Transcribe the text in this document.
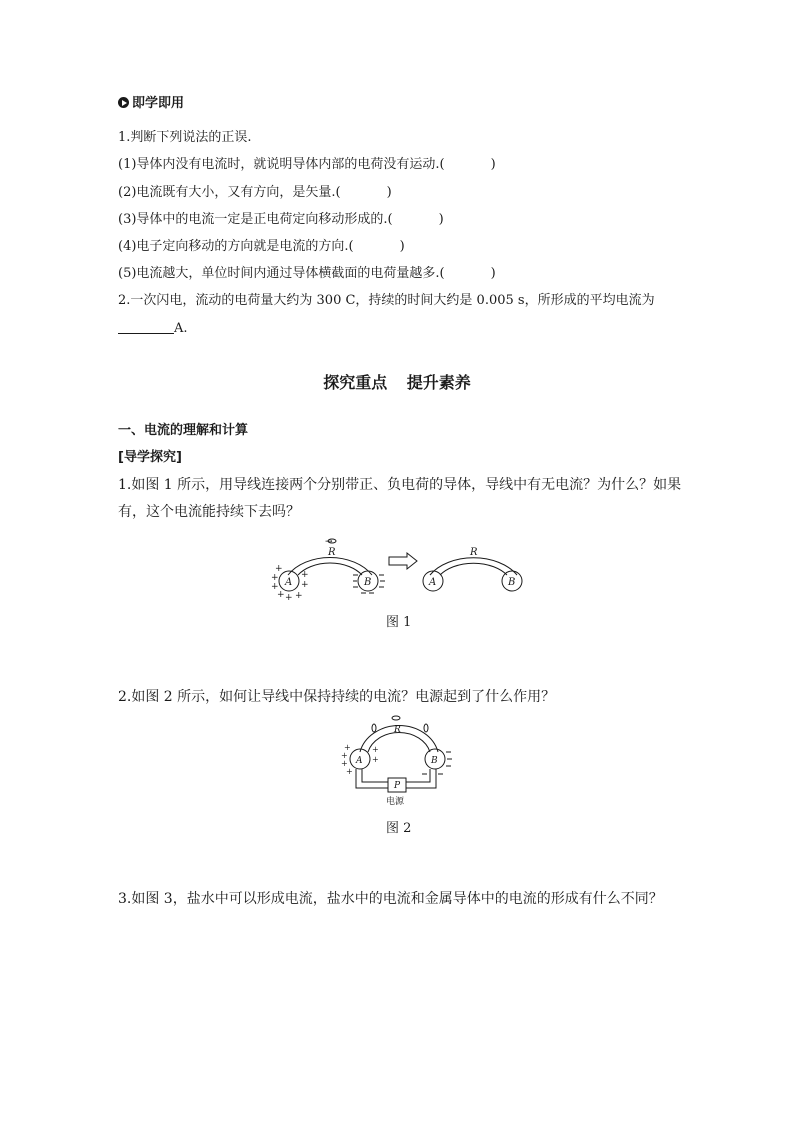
即学即用
1.判断下列说法的正误.
(1)导体内没有电流时，就说明导体内部的电荷没有运动.(	)
(2)电流既有大小，又有方向，是矢量.(	)
(3)导体中的电流一定是正电荷定向移动形成的.(	)
(4)电子定向移动的方向就是电流的方向.(	)
(5)电流越大，单位时间内通过导体横截面的电荷量越多.(	)
2.一次闪电，流动的电荷量大约为 300 C，持续的时间大约是 0.005 s，所形成的平均电流为
A.
探究重点 提升素养
一、电流的理解和计算
[导学探究]
1.如图 1 所示，用导线连接两个分别带正、负电荷的导体，导线中有无电流？为什么？如果
有，这个电流能持续下去吗？
→
+
+
+
+ + +
+
+
A	B
R
A	B
R
图 1
2.如图 2 所示，如何让导线中保持持续的电流？电源起到了什么作用？
+
+
+
+
+
+
A	B
R
P
电源
图 2
3.如图 3，盐水中可以形成电流，盐水中的电流和金属导体中的电流的形成有什么不同？
